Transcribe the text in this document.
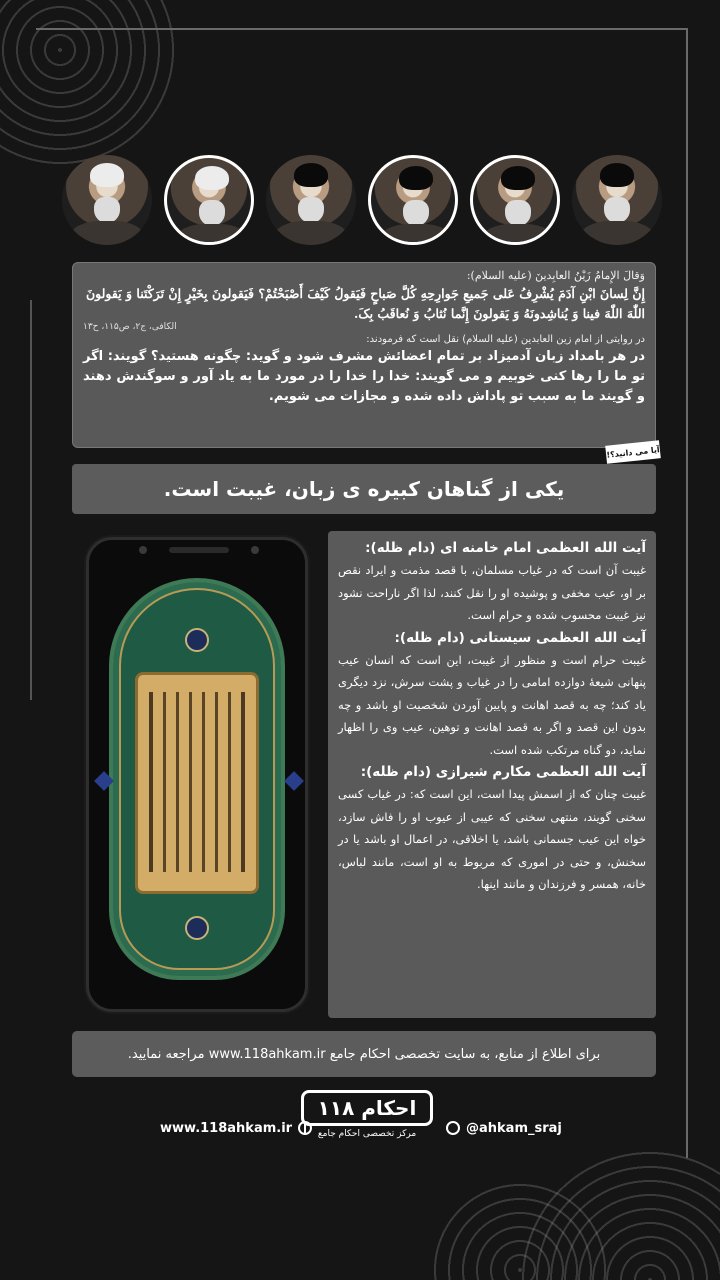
وَقالَ الإِمامُ زَیْنُ العابِدینَ (علیه السلام):
إِنَّ لِسانَ ابْنِ آدَمَ یُشْرِفُ عَلی جَمیعِ جَوارِحِهِ کُلَّ صَباحٍ فَیَقولُ کَیْفَ أَصْبَحْتُمْ؟ فَیَقولونَ بِخَیْرٍ إِنْ تَرَکْتَنا وَ یَقولونَ اللّٰهَ اللّٰهَ فینا وَ یُناشِدونَهُ وَ یَقولونَ إِنَّما نُثابُ وَ نُعاقَبُ بِکَ.
الکافی، ج۲، ص۱۱۵، ح۱۳
در روایتی از امام زین العابدین (علیه السلام) نقل است که فرمودند:
در هر بامداد زبان آدمیزاد بر تمام اعضائش مشرف شود و گوید: چگونه هستید؟ گویند: اگر تو ما را رها کنی خوبیم و می گویند: خدا را خدا را در مورد ما به یاد آور و سوگندش دهند و گویند ما به سبب تو پاداش داده شده و مجازات می شویم.
آیا می دانید؟!
یکی از گناهان کبیره ی زبان، غیبت است.
آیت الله العظمی امام خامنه ای (دام ظله):
غیبت آن است که در غیاب مسلمان، با قصد مذمت و ایراد نقص بر او، عیب مخفی و پوشیده او را نقل کنند، لذا اگر ناراحت نشود نیز غیبت محسوب شده و حرام است.
آیت الله العظمی سیستانی (دام ظله):
غیبت حرام است و منظور از غیبت، این است که انسان عیب پنهانی شیعهٔ دوازده امامی را در غیاب و پشت سرش، نزد دیگری یاد کند؛ چه به قصد اهانت و پایین آوردن شخصیت او باشد و چه بدون این قصد و اگر به قصد اهانت و توهین، عیب وی را اظهار نماید، دو گناه مرتکب شده است.
آیت الله العظمی مکارم شیرازی (دام ظله):
غیبت چنان که از اسمش پیدا است، این است که: در غیاب کسی سخنی گویند، منتهی سخنی که عیبی از عیوب او را فاش سازد، خواه این عیب جسمانی باشد، یا اخلاقی، در اعمال او باشد یا در سخنش، و حتی در اموری که مربوط به او است، مانند لباس، خانه، همسر و فرزندان و مانند اینها.
برای اطلاع از منابع، به سایت تخصصی احکام جامع www.118ahkam.ir مراجعه نمایید.
۱۱۸ احکام
مرکز تخصصی احکام جامع
www.118ahkam.ir	@ahkam_sraj
